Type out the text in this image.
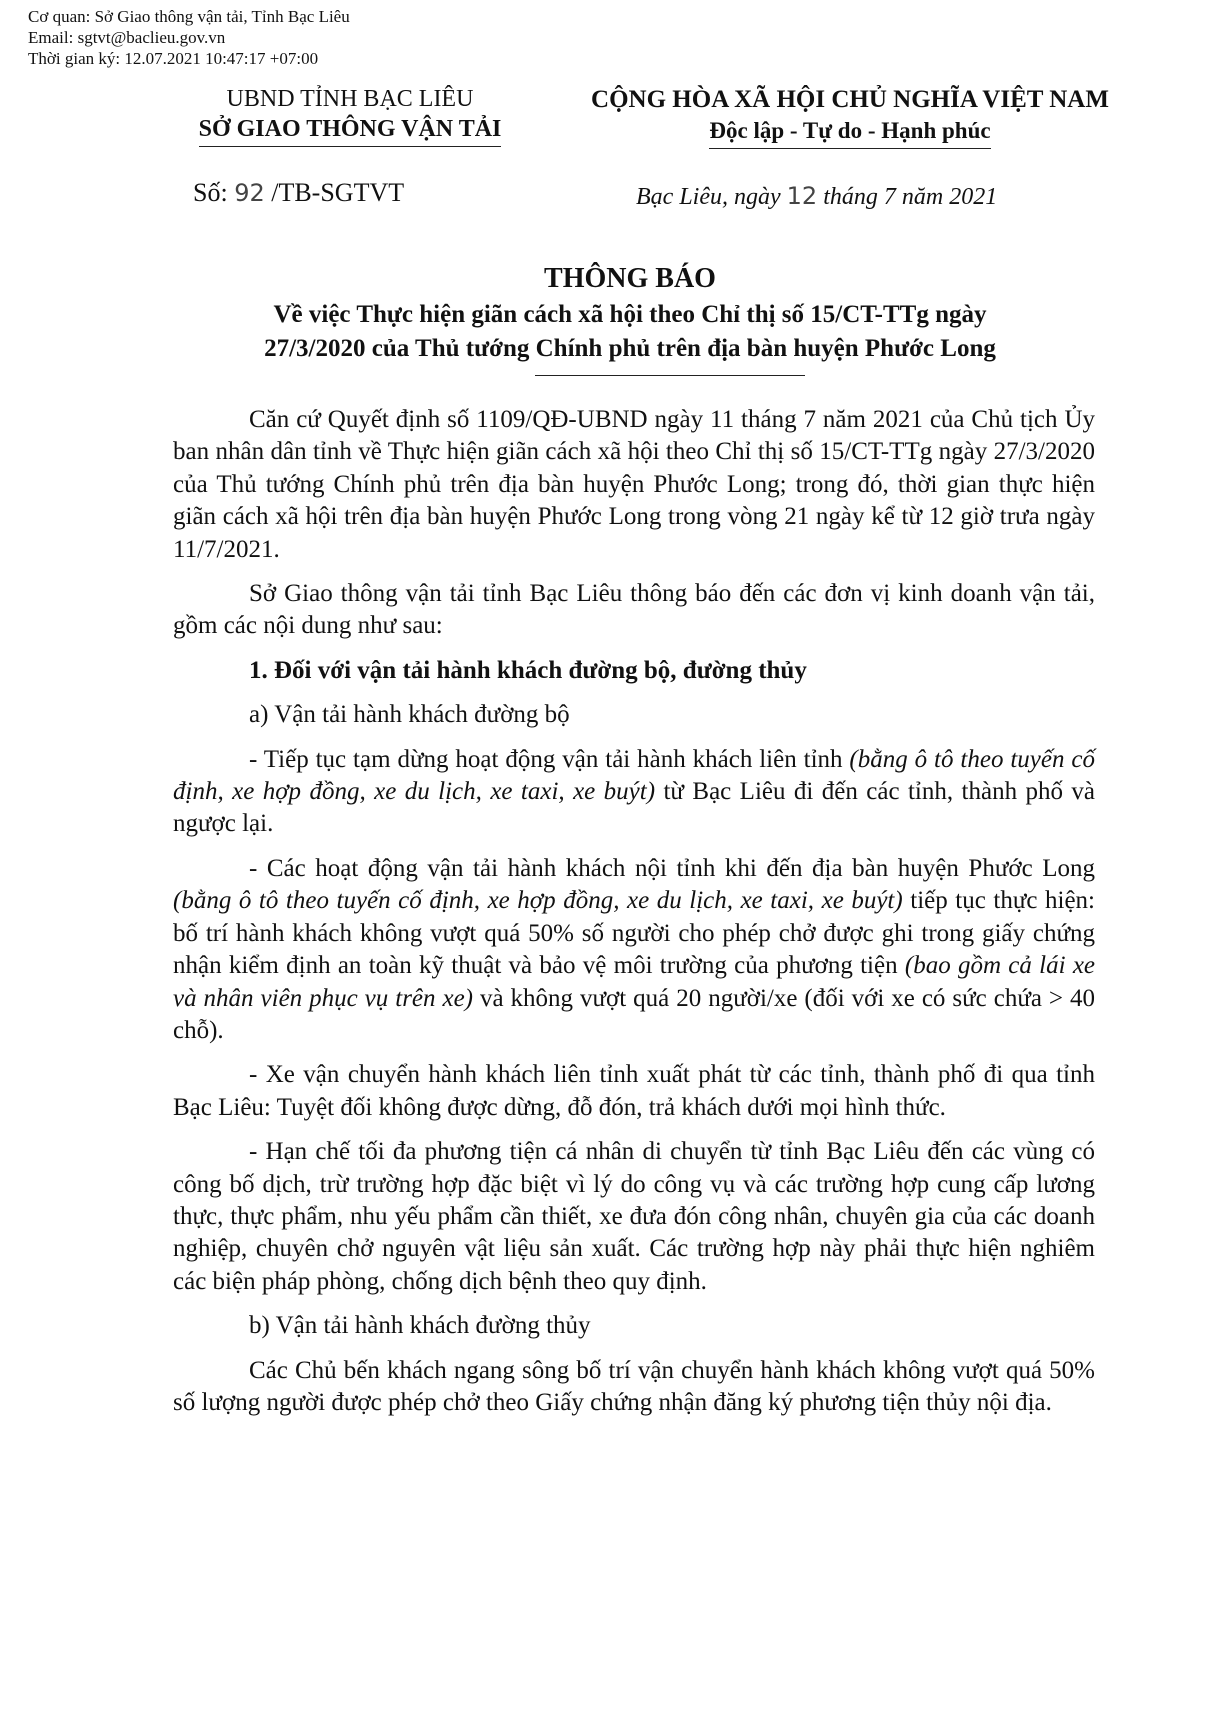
Cơ quan: Sở Giao thông vận tải, Tỉnh Bạc Liêu
Email: sgtvt@baclieu.gov.vn
Thời gian ký: 12.07.2021 10:47:17 +07:00
UBND TỈNH BẠC LIÊU
SỞ GIAO THÔNG VẬN TẢI
CỘNG HÒA XÃ HỘI CHỦ NGHĨA VIỆT NAM
Độc lập - Tự do - Hạnh phúc
Số: 92 /TB-SGTVT	Bạc Liêu, ngày 12 tháng 7 năm 2021
THÔNG BÁO
Về việc Thực hiện giãn cách xã hội theo Chỉ thị số 15/CT-TTg ngày
27/3/2020 của Thủ tướng Chính phủ trên địa bàn huyện Phước Long

Căn cứ Quyết định số 1109/QĐ-UBND ngày 11 tháng 7 năm 2021 của Chủ tịch Ủy ban nhân dân tỉnh về Thực hiện giãn cách xã hội theo Chỉ thị số 15/CT-TTg ngày 27/3/2020 của Thủ tướng Chính phủ trên địa bàn huyện Phước Long; trong đó, thời gian thực hiện giãn cách xã hội trên địa bàn huyện Phước Long trong vòng 21 ngày kể từ 12 giờ trưa ngày 11/7/2021.

Sở Giao thông vận tải tỉnh Bạc Liêu thông báo đến các đơn vị kinh doanh vận tải, gồm các nội dung như sau:

1. Đối với vận tải hành khách đường bộ, đường thủy

a) Vận tải hành khách đường bộ

- Tiếp tục tạm dừng hoạt động vận tải hành khách liên tỉnh (bằng ô tô theo tuyến cố định, xe hợp đồng, xe du lịch, xe taxi, xe buýt) từ Bạc Liêu đi đến các tỉnh, thành phố và ngược lại.

- Các hoạt động vận tải hành khách nội tỉnh khi đến địa bàn huyện Phước Long (bằng ô tô theo tuyến cố định, xe hợp đồng, xe du lịch, xe taxi, xe buýt) tiếp tục thực hiện: bố trí hành khách không vượt quá 50% số người cho phép chở được ghi trong giấy chứng nhận kiểm định an toàn kỹ thuật và bảo vệ môi trường của phương tiện (bao gồm cả lái xe và nhân viên phục vụ trên xe) và không vượt quá 20 người/xe (đối với xe có sức chứa > 40 chỗ).

- Xe vận chuyển hành khách liên tỉnh xuất phát từ các tỉnh, thành phố đi qua tỉnh Bạc Liêu: Tuyệt đối không được dừng, đỗ đón, trả khách dưới mọi hình thức.

- Hạn chế tối đa phương tiện cá nhân di chuyển từ tỉnh Bạc Liêu đến các vùng có công bố dịch, trừ trường hợp đặc biệt vì lý do công vụ và các trường hợp cung cấp lương thực, thực phẩm, nhu yếu phẩm cần thiết, xe đưa đón công nhân, chuyên gia của các doanh nghiệp, chuyên chở nguyên vật liệu sản xuất. Các trường hợp này phải thực hiện nghiêm các biện pháp phòng, chống dịch bệnh theo quy định.

b) Vận tải hành khách đường thủy

Các Chủ bến khách ngang sông bố trí vận chuyển hành khách không vượt quá 50% số lượng người được phép chở theo Giấy chứng nhận đăng ký phương tiện thủy nội địa.
